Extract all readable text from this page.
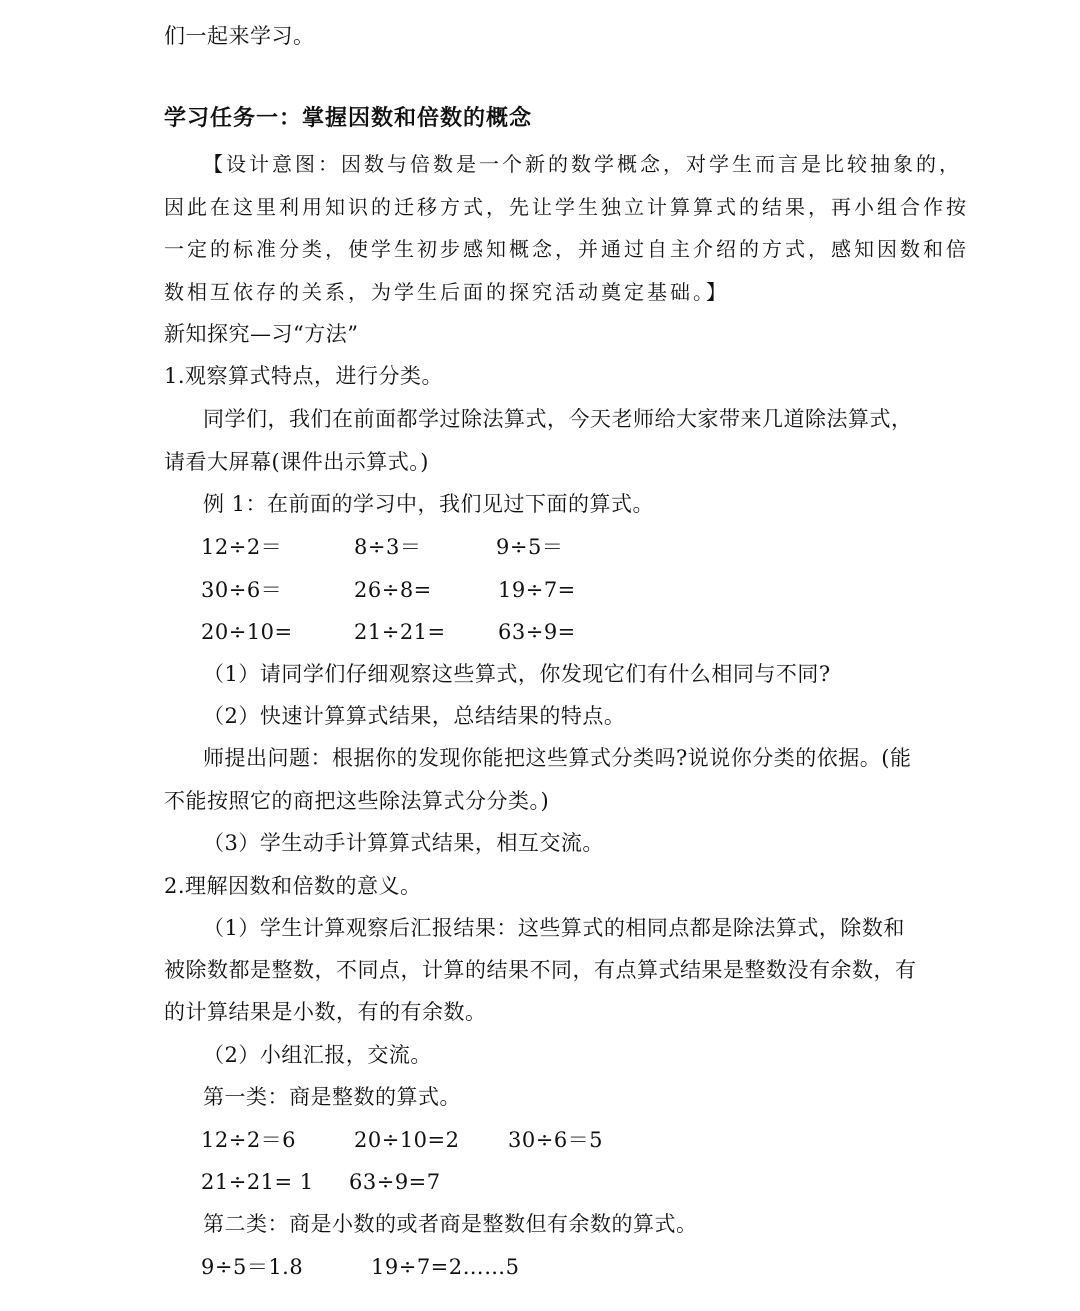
们一起来学习。
学习任务一：掌握因数和倍数的概念
【设计意图：因数与倍数是一个新的数学概念，对学生而言是比较抽象的，
因此在这里利用知识的迁移方式，先让学生独立计算算式的结果，再小组合作按
一定的标准分类，使学生初步感知概念，并通过自主介绍的方式，感知因数和倍
数相互依存的关系，为学生后面的探究活动奠定基础。】
新知探究—习“方法”
1.观察算式特点，进行分类。
同学们，我们在前面都学过除法算式，今天老师给大家带来几道除法算式，
请看大屏幕(课件出示算式。)
例 1：在前面的学习中，我们见过下面的算式。
12÷2＝	8÷3＝	9÷5＝
30÷6＝	26÷8=	19÷7=
20÷10=	21÷21= 63÷9=
（1）请同学们仔细观察这些算式，你发现它们有什么相同与不同?
（2）快速计算算式结果，总结结果的特点。
师提出问题：根据你的发现你能把这些算式分类吗?说说你分类的依据。(能
不能按照它的商把这些除法算式分分类。)
（3）学生动手计算算式结果，相互交流。
2.理解因数和倍数的意义。
（1）学生计算观察后汇报结果：这些算式的相同点都是除法算式，除数和
被除数都是整数，不同点，计算的结果不同，有点算式结果是整数没有余数，有
的计算结果是小数，有的有余数。
（2）小组汇报，交流。
第一类：商是整数的算式。
12÷2＝6	20÷10=2 30÷6＝5
21÷21= 1 63÷9=7
第二类：商是小数的或者商是整数但有余数的算式。
9÷5＝1.8	19÷7=2……5
